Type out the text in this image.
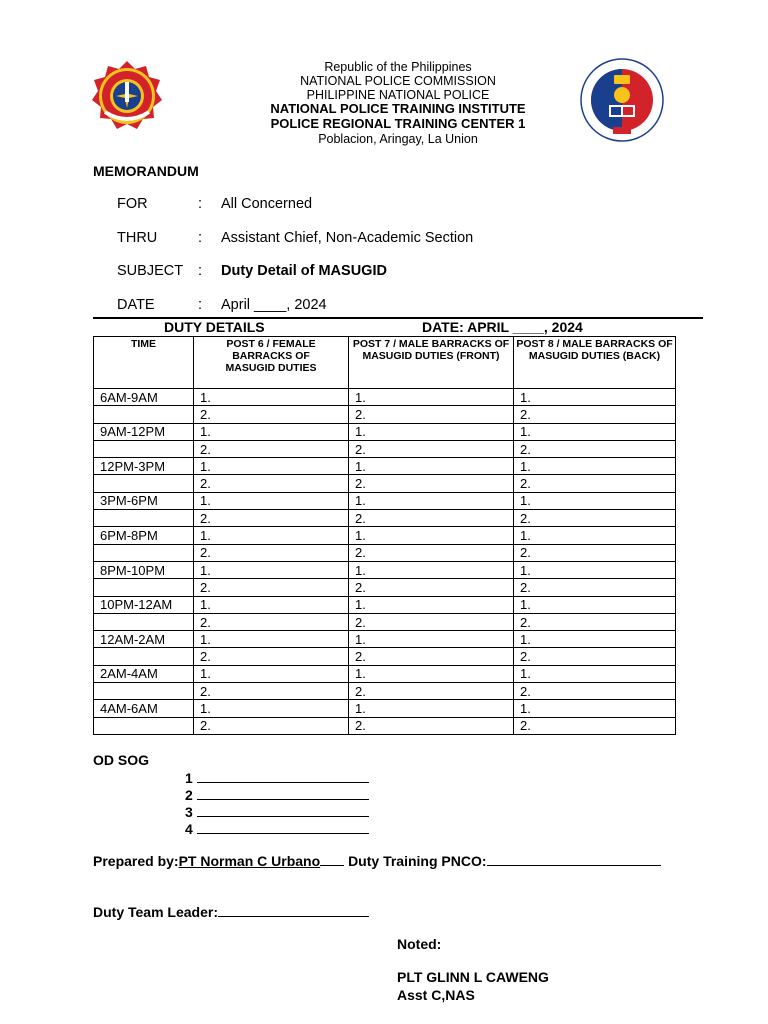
Republic of the Philippines
NATIONAL POLICE COMMISSION
PHILIPPINE NATIONAL POLICE
NATIONAL POLICE TRAINING INSTITUTE
POLICE REGIONAL TRAINING CENTER 1
Poblacion, Aringay, La Union
MEMORANDUM
FOR	: All Concerned
THRU	: Assistant Chief, Non-Academic Section
SUBJECT : Duty Detail of MASUGID
DATE	: April ____, 2024
DUTY DETAILS	DATE: APRIL ____, 2024
TIME	POST 6 / FEMALE BARRACKS OF MASUGID DUTIES	POST 7 / MALE BARRACKS OF MASUGID DUTIES (FRONT)	POST 8 / MALE BARRACKS OF MASUGID DUTIES (BACK)
6AM-9AM	1.	1.	1.
	2.	2.	2.
9AM-12PM	1.	1.	1.
	2.	2.	2.
12PM-3PM	1.	1.	1.
	2.	2.	2.
3PM-6PM	1.	1.	1.
	2.	2.	2.
6PM-8PM	1.	1.	1.
	2.	2.	2.
8PM-10PM	1.	1.	1.
	2.	2.	2.
10PM-12AM	1.	1.	1.
	2.	2.	2.
12AM-2AM	1.	1.	1.
	2.	2.	2.
2AM-4AM	1.	1.	1.
	2.	2.	2.
4AM-6AM	1.	1.	1.
	2.	2.	2.
OD SOG
1
2
3
4
Prepared by:PT Norman C Urbano Duty Training PNCO:
Duty Team Leader:
Noted:
PLT GLINN L CAWENG
Asst C,NAS
